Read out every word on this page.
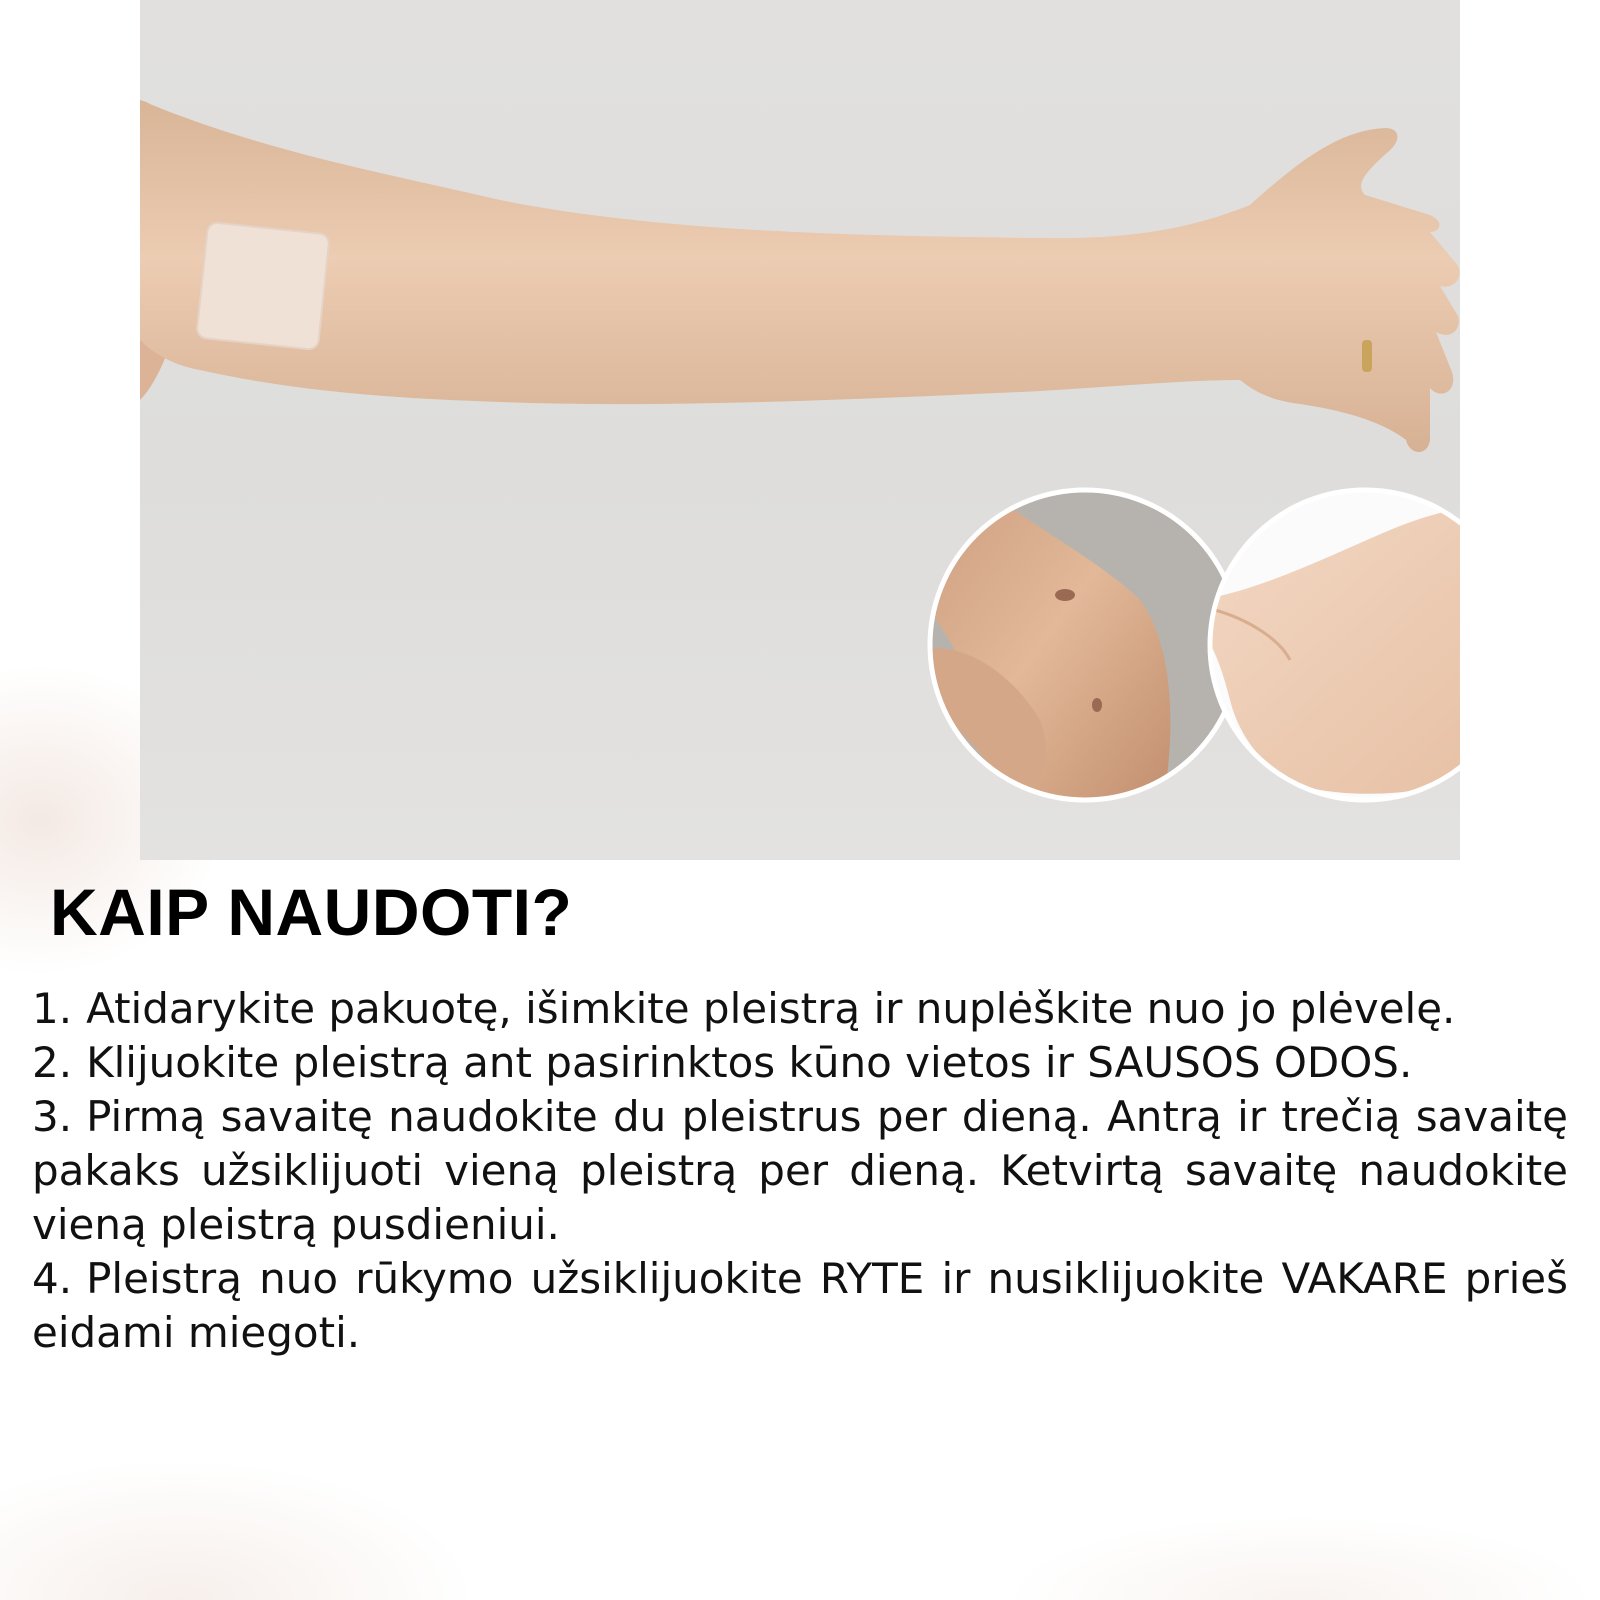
KAIP NAUDOTI?
1. Atidarykite pakuotę, išimkite pleistrą ir nuplėškite nuo jo plėvelę.
2. Klijuokite pleistrą ant pasirinktos kūno vietos ir SAUSOS ODOS.
3. Pirmą savaitę naudokite du pleistrus per dieną. Antrą ir trečią savaitę pakaks užsiklijuoti vieną pleistrą per dieną. Ketvirtą savaitę naudokite vieną pleistrą pusdieniui.
4. Pleistrą nuo rūkymo užsiklijuokite RYTE ir nusiklijuokite VAKARE prieš eidami miegoti.
